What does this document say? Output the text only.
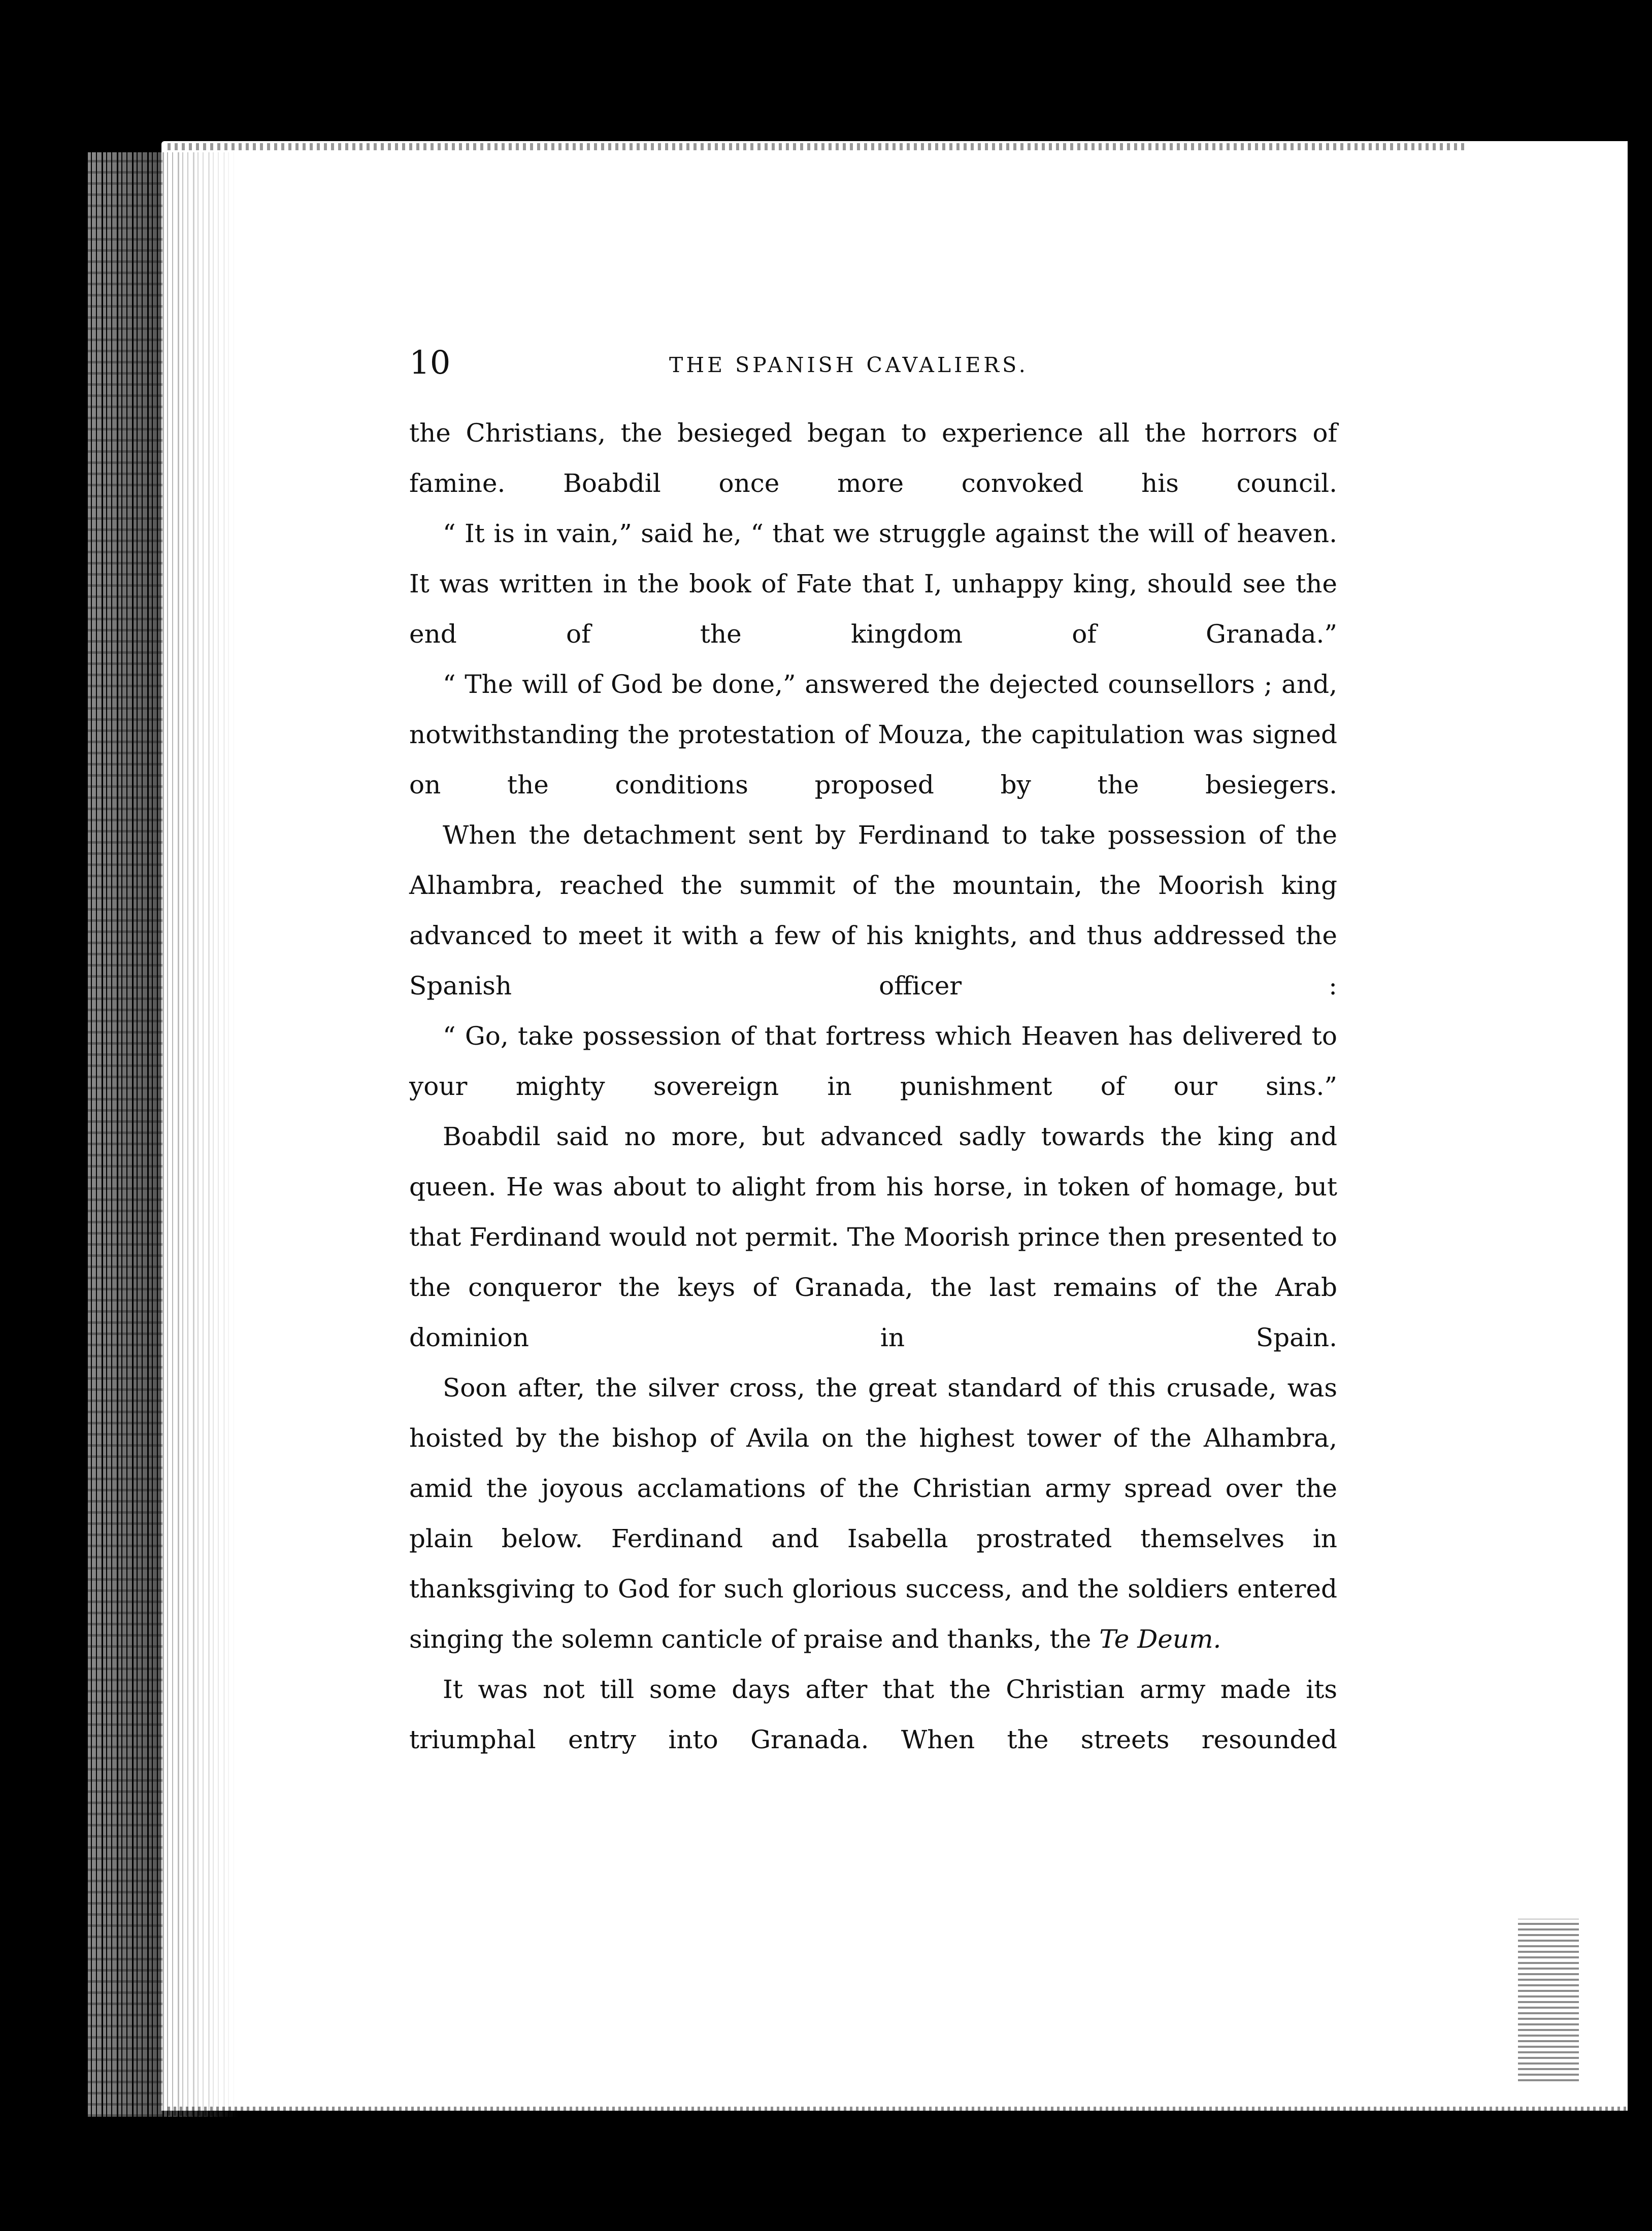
10	THE SPANISH CAVALIERS.

the Christians, the besieged began to experience all the horrors of famine. Boabdil once more convoked his council.

“ It is in vain,” said he, “ that we struggle against the will of heaven. It was written in the book of Fate that I, unhappy king, should see the end of the kingdom of Granada.”

“ The will of God be done,” answered the dejected counsellors ; and, notwithstanding the protestation of Mouza, the capitulation was signed on the conditions proposed by the besiegers.

When the detachment sent by Ferdinand to take possession of the Alhambra, reached the summit of the mountain, the Moorish king advanced to meet it with a few of his knights, and thus addressed the Spanish officer :

“ Go, take possession of that fortress which Heaven has delivered to your mighty sovereign in punishment of our sins.”

Boabdil said no more, but advanced sadly towards the king and queen. He was about to alight from his horse, in token of homage, but that Ferdinand would not permit. The Moorish prince then presented to the conqueror the keys of Granada, the last remains of the Arab dominion in Spain.

Soon after, the silver cross, the great standard of this crusade, was hoisted by the bishop of Avila on the highest tower of the Alhambra, amid the joyous acclamations of the Christian army spread over the plain below. Ferdinand and Isabella prostrated themselves in thanksgiving to God for such glorious success, and the soldiers entered singing the solemn canticle of praise and thanks, the Te Deum.

It was not till some days after that the Christian army made its triumphal entry into Granada. When the streets resounded
